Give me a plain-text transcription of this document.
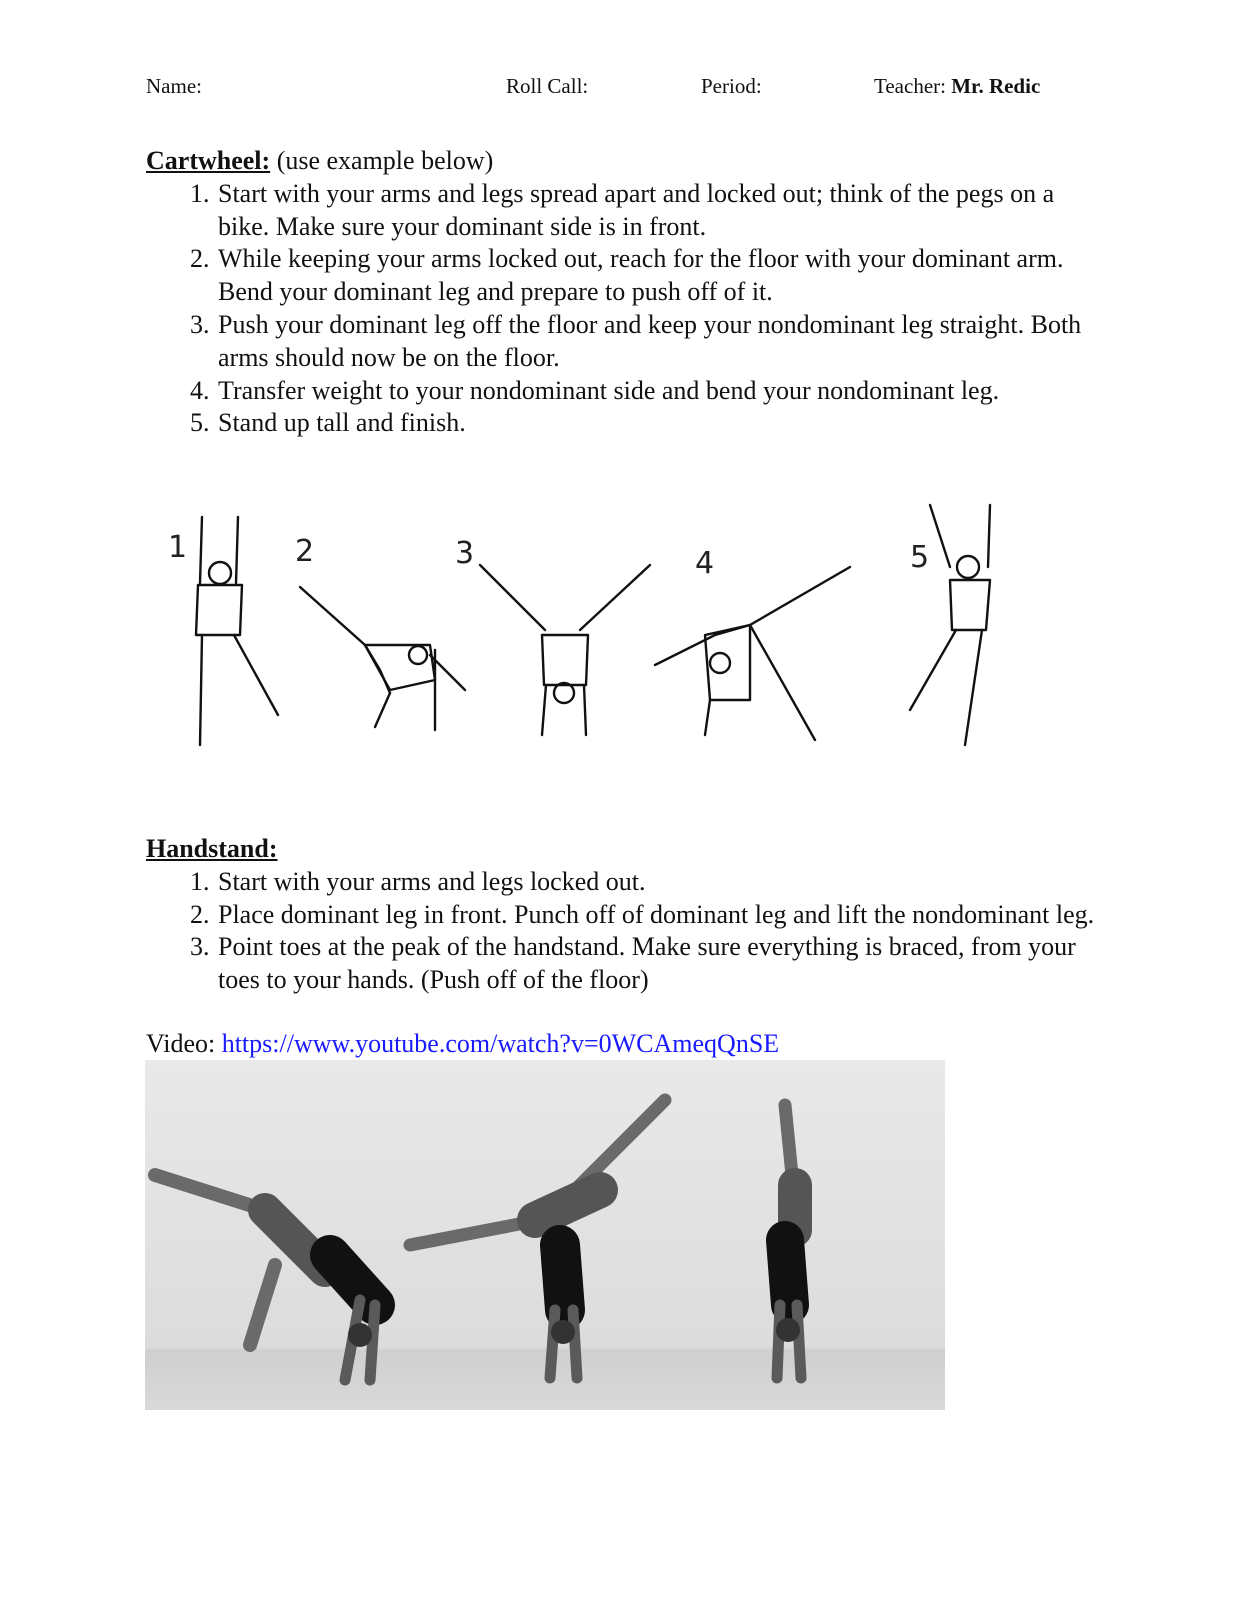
Name:	Roll Call:	Period:	Teacher: Mr. Redic
Cartwheel: (use example below)
1. Start with your arms and legs spread apart and locked out; think of the pegs on a bike. Make sure your dominant side is in front.
2. While keeping your arms locked out, reach for the floor with your dominant arm. Bend your dominant leg and prepare to push off of it.
3. Push your dominant leg off the floor and keep your nondominant leg straight. Both arms should now be on the floor.
4. Transfer weight to your nondominant side and bend your nondominant leg.
5. Stand up tall and finish.
1	2	3	4	5
Handstand:
1. Start with your arms and legs locked out.
2. Place dominant leg in front. Punch off of dominant leg and lift the nondominant leg.
3. Point toes at the peak of the handstand. Make sure everything is braced, from your toes to your hands. (Push off of the floor)
Video: https://www.youtube.com/watch?v=0WCAmeqQnSE
